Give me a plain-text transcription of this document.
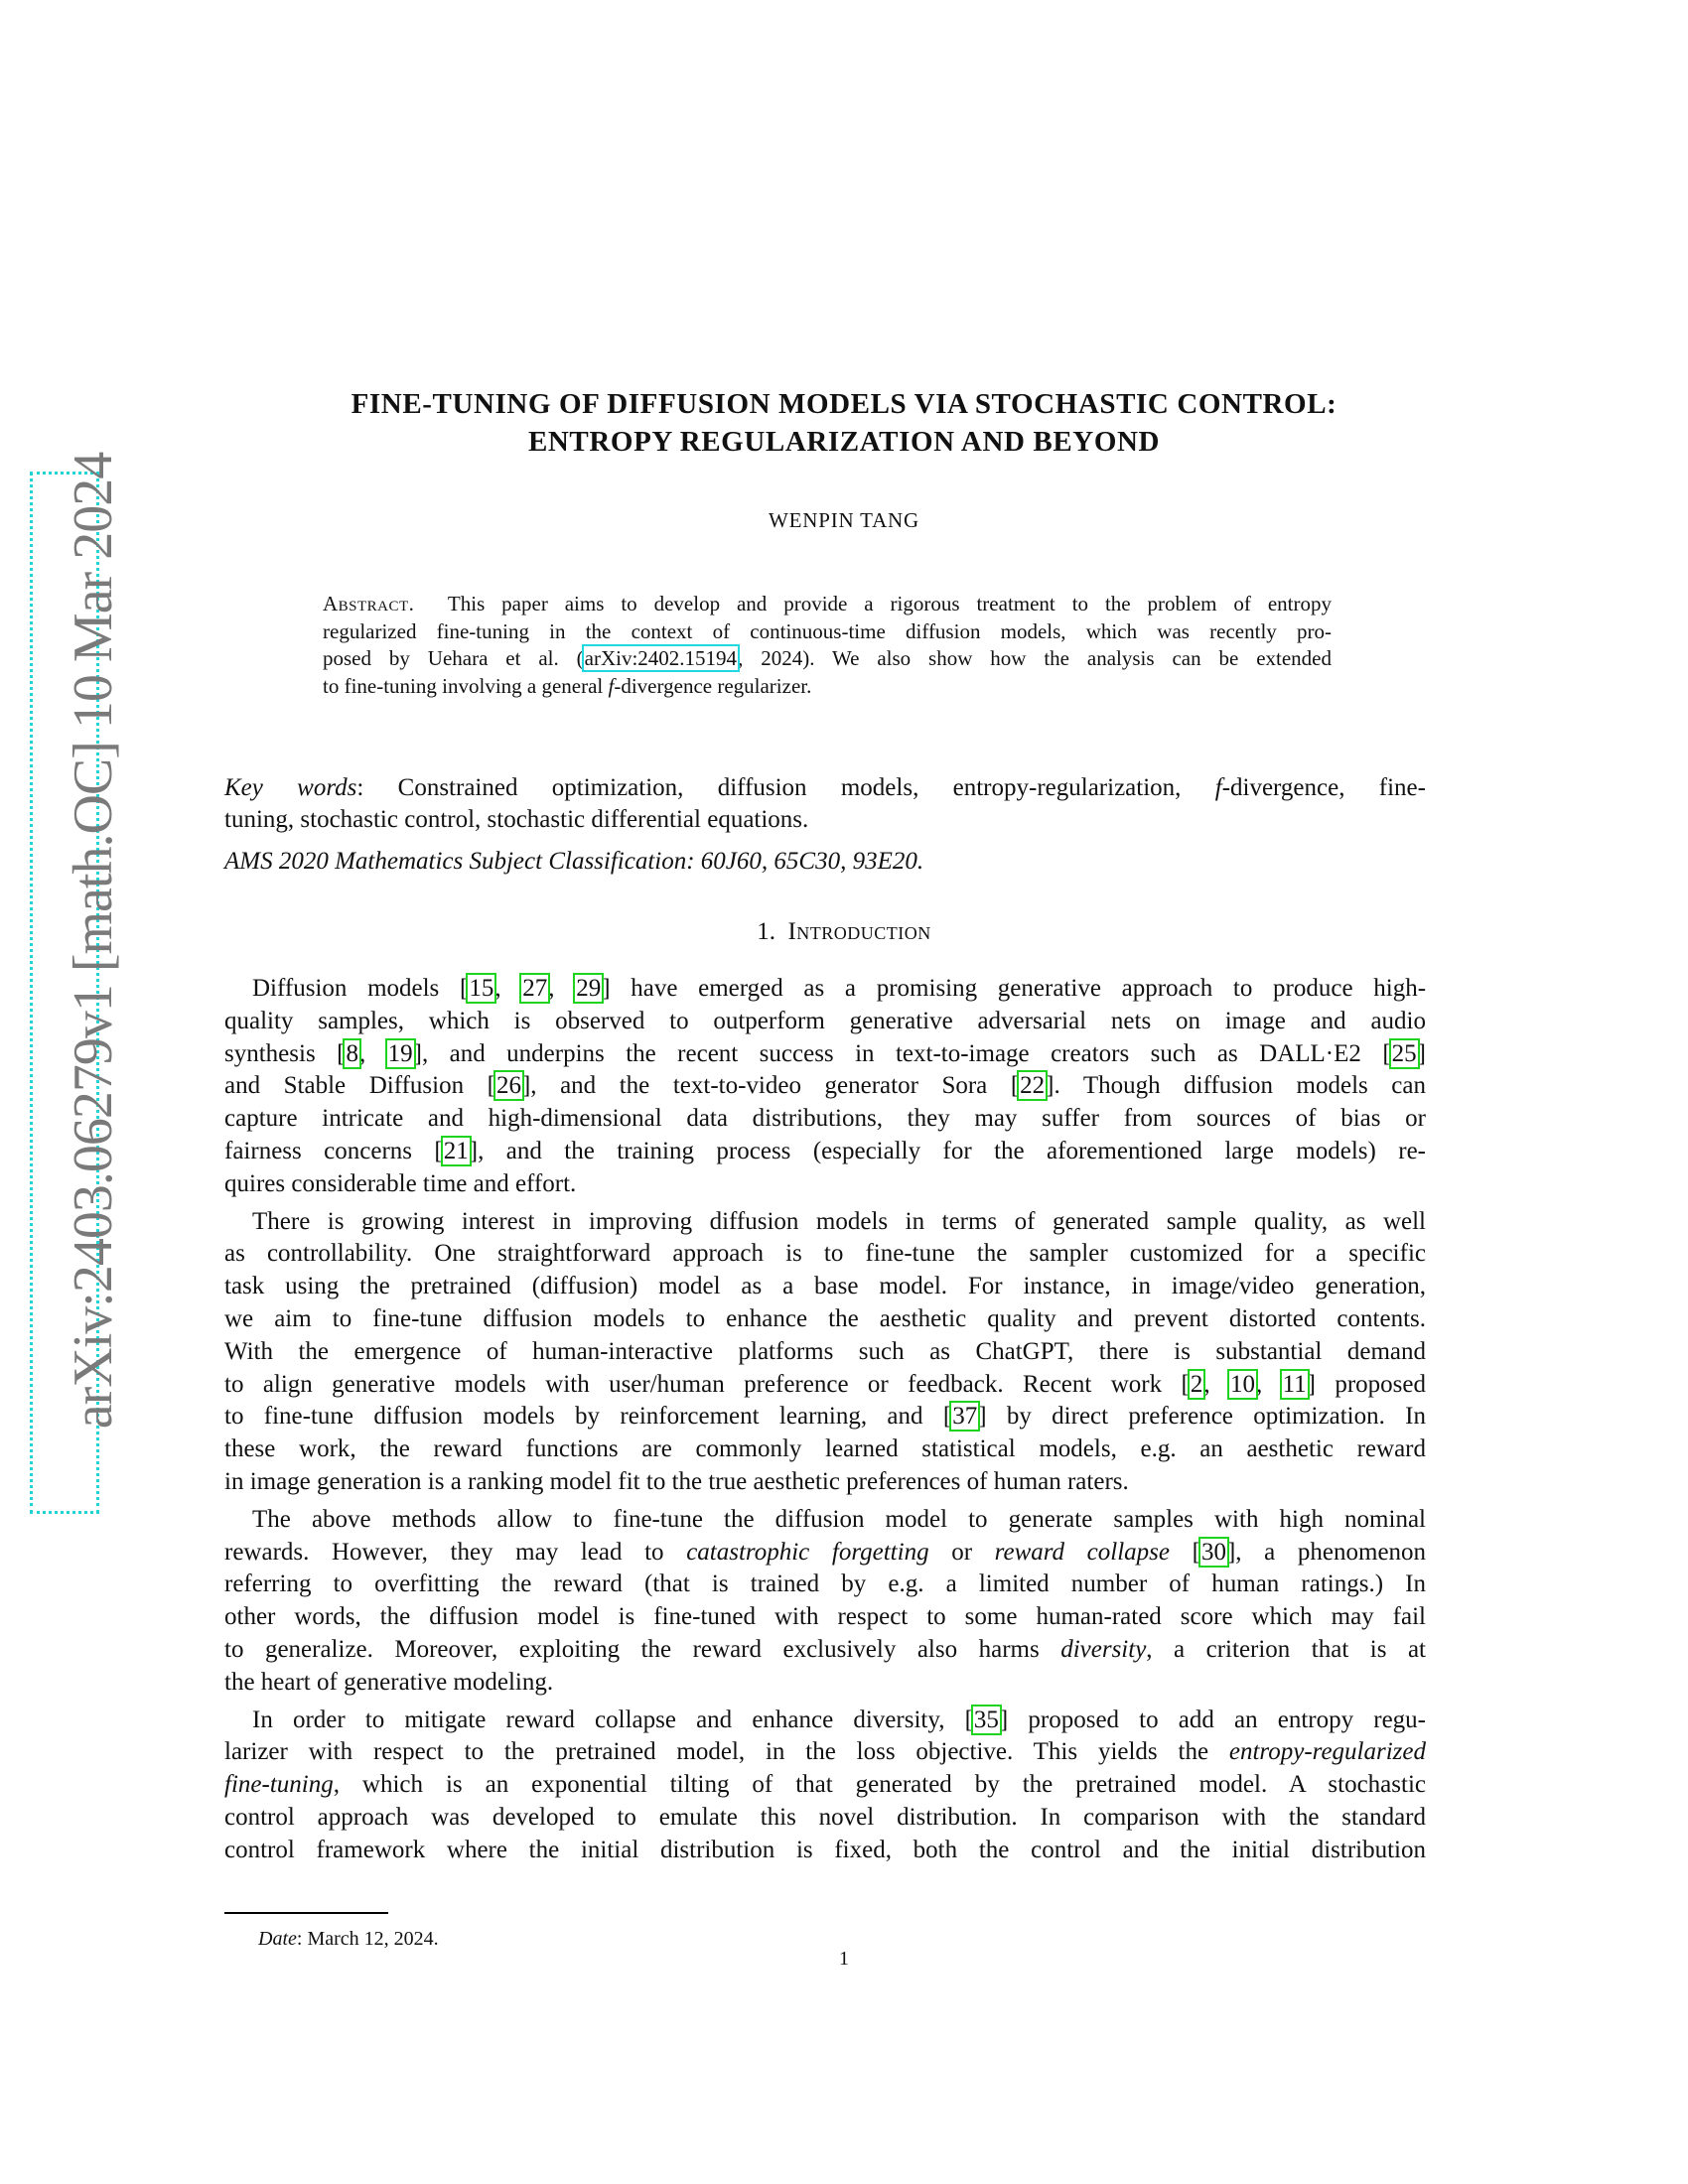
arXiv:2403.06279v1 [math.OC] 10 Mar 2024
FINE-TUNING OF DIFFUSION MODELS VIA STOCHASTIC CONTROL:
ENTROPY REGULARIZATION AND BEYOND
WENPIN TANG
Abstract. This paper aims to develop and provide a rigorous treatment to the problem of entropy
regularized fine-tuning in the context of continuous-time diffusion models, which was recently pro-
posed by Uehara et al. (arXiv:2402.15194, 2024). We also show how the analysis can be extended
to fine-tuning involving a general f-divergence regularizer.
Key words: Constrained optimization, diffusion models, entropy-regularization, f-divergence, fine-
tuning, stochastic control, stochastic differential equations.
AMS 2020 Mathematics Subject Classification: 60J60, 65C30, 93E20.
1. Introduction
Diffusion models [15, 27, 29] have emerged as a promising generative approach to produce high-
quality samples, which is observed to outperform generative adversarial nets on image and audio
synthesis [8, 19], and underpins the recent success in text-to-image creators such as DALL·E2 [25]
and Stable Diffusion [26], and the text-to-video generator Sora [22]. Though diffusion models can
capture intricate and high-dimensional data distributions, they may suffer from sources of bias or
fairness concerns [21], and the training process (especially for the aforementioned large models) re-
quires considerable time and effort.
There is growing interest in improving diffusion models in terms of generated sample quality, as well
as controllability. One straightforward approach is to fine-tune the sampler customized for a specific
task using the pretrained (diffusion) model as a base model. For instance, in image/video generation,
we aim to fine-tune diffusion models to enhance the aesthetic quality and prevent distorted contents.
With the emergence of human-interactive platforms such as ChatGPT, there is substantial demand
to align generative models with user/human preference or feedback. Recent work [2, 10, 11] proposed
to fine-tune diffusion models by reinforcement learning, and [37] by direct preference optimization. In
these work, the reward functions are commonly learned statistical models, e.g. an aesthetic reward
in image generation is a ranking model fit to the true aesthetic preferences of human raters.
The above methods allow to fine-tune the diffusion model to generate samples with high nominal
rewards. However, they may lead to catastrophic forgetting or reward collapse [30], a phenomenon
referring to overfitting the reward (that is trained by e.g. a limited number of human ratings.) In
other words, the diffusion model is fine-tuned with respect to some human-rated score which may fail
to generalize. Moreover, exploiting the reward exclusively also harms diversity, a criterion that is at
the heart of generative modeling.
In order to mitigate reward collapse and enhance diversity, [35] proposed to add an entropy regu-
larizer with respect to the pretrained model, in the loss objective. This yields the entropy-regularized
fine-tuning, which is an exponential tilting of that generated by the pretrained model. A stochastic
control approach was developed to emulate this novel distribution. In comparison with the standard
control framework where the initial distribution is fixed, both the control and the initial distribution
Date: March 12, 2024.
1
